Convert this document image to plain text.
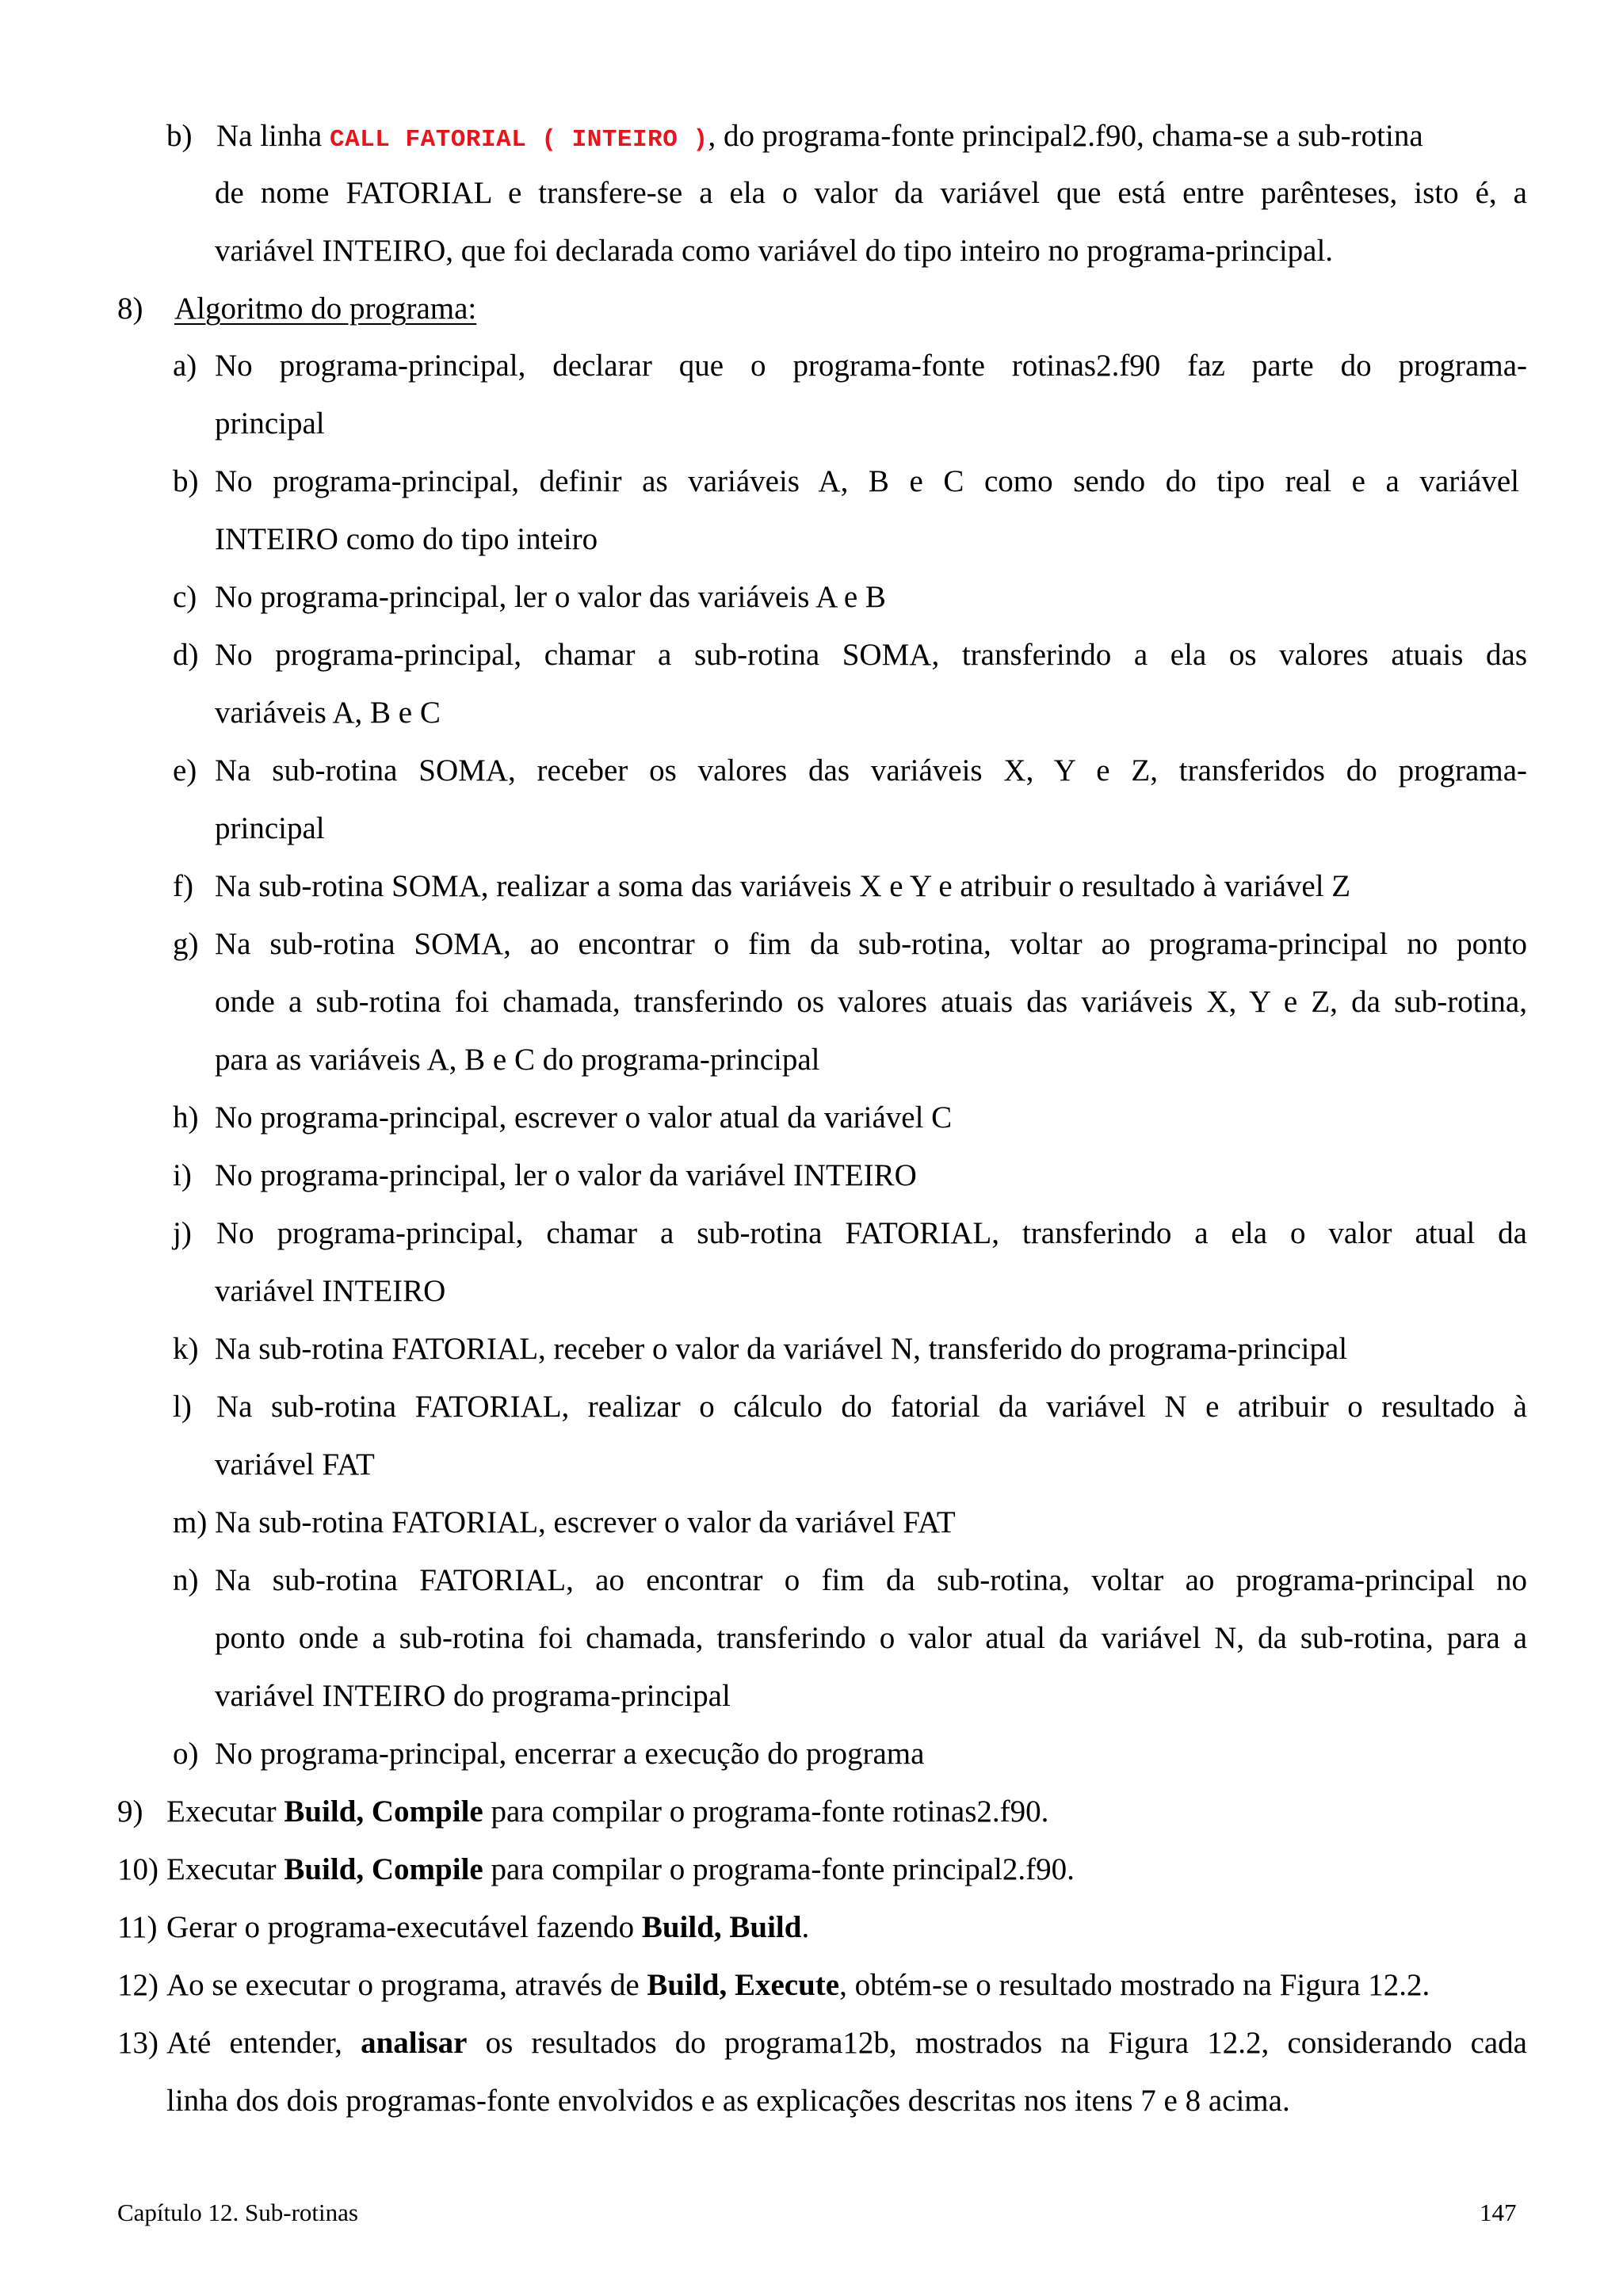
b) Na linha CALL FATORIAL ( INTEIRO ), do programa-fonte principal2.f90, chama-se a sub-rotina
de nome FATORIAL e transfere-se a ela o valor da variável que está entre parênteses, isto é, a
variável INTEIRO, que foi declarada como variável do tipo inteiro no programa-principal.
8) Algoritmo do programa:
a) No programa-principal, declarar que o programa-fonte rotinas2.f90 faz parte do programa-
principal
b) No programa-principal, definir as variáveis A, B e C como sendo do tipo real e a variável
INTEIRO como do tipo inteiro
c) No programa-principal, ler o valor das variáveis A e B
d) No programa-principal, chamar a sub-rotina SOMA, transferindo a ela os valores atuais das
variáveis A, B e C
e) Na sub-rotina SOMA, receber os valores das variáveis X, Y e Z, transferidos do programa-
principal
f) Na sub-rotina SOMA, realizar a soma das variáveis X e Y e atribuir o resultado à variável Z
g) Na sub-rotina SOMA, ao encontrar o fim da sub-rotina, voltar ao programa-principal no ponto
onde a sub-rotina foi chamada, transferindo os valores atuais das variáveis X, Y e Z, da sub-rotina,
para as variáveis A, B e C do programa-principal
h) No programa-principal, escrever o valor atual da variável C
i) No programa-principal, ler o valor da variável INTEIRO
j) No programa-principal, chamar a sub-rotina FATORIAL, transferindo a ela o valor atual da
variável INTEIRO
k) Na sub-rotina FATORIAL, receber o valor da variável N, transferido do programa-principal
l) Na sub-rotina FATORIAL, realizar o cálculo do fatorial da variável N e atribuir o resultado à
variável FAT
m) Na sub-rotina FATORIAL, escrever o valor da variável FAT
n) Na sub-rotina FATORIAL, ao encontrar o fim da sub-rotina, voltar ao programa-principal no
ponto onde a sub-rotina foi chamada, transferindo o valor atual da variável N, da sub-rotina, para a
variável INTEIRO do programa-principal
o) No programa-principal, encerrar a execução do programa
9) Executar Build, Compile para compilar o programa-fonte rotinas2.f90.
10) Executar Build, Compile para compilar o programa-fonte principal2.f90.
11) Gerar o programa-executável fazendo Build, Build.
12) Ao se executar o programa, através de Build, Execute, obtém-se o resultado mostrado na Figura 12.2.
13) Até entender, analisar os resultados do programa12b, mostrados na Figura 12.2, considerando cada
linha dos dois programas-fonte envolvidos e as explicações descritas nos itens 7 e 8 acima.
Capítulo 12. Sub-rotinas	147
